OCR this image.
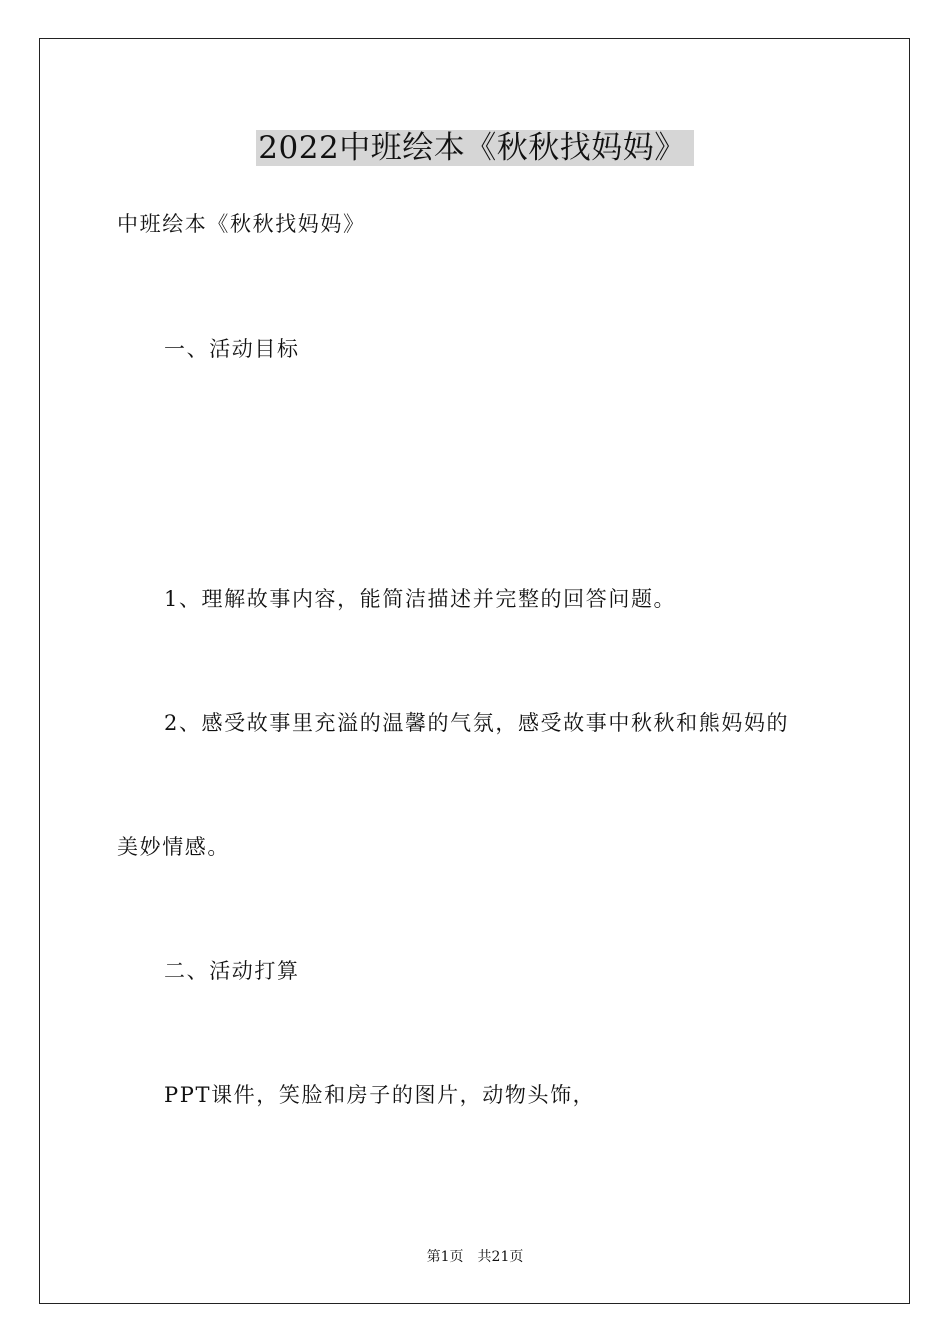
2022中班绘本《秋秋找妈妈》

中班绘本《秋秋找妈妈》

一、活动目标

1、理解故事内容，能简洁描述并完整的回答问题。

2、感受故事里充溢的温馨的气氛，感受故事中秋秋和熊妈妈的

美妙情感。

二、活动打算

PPT课件，笑脸和房子的图片，动物头饰，

第1页 共21页
